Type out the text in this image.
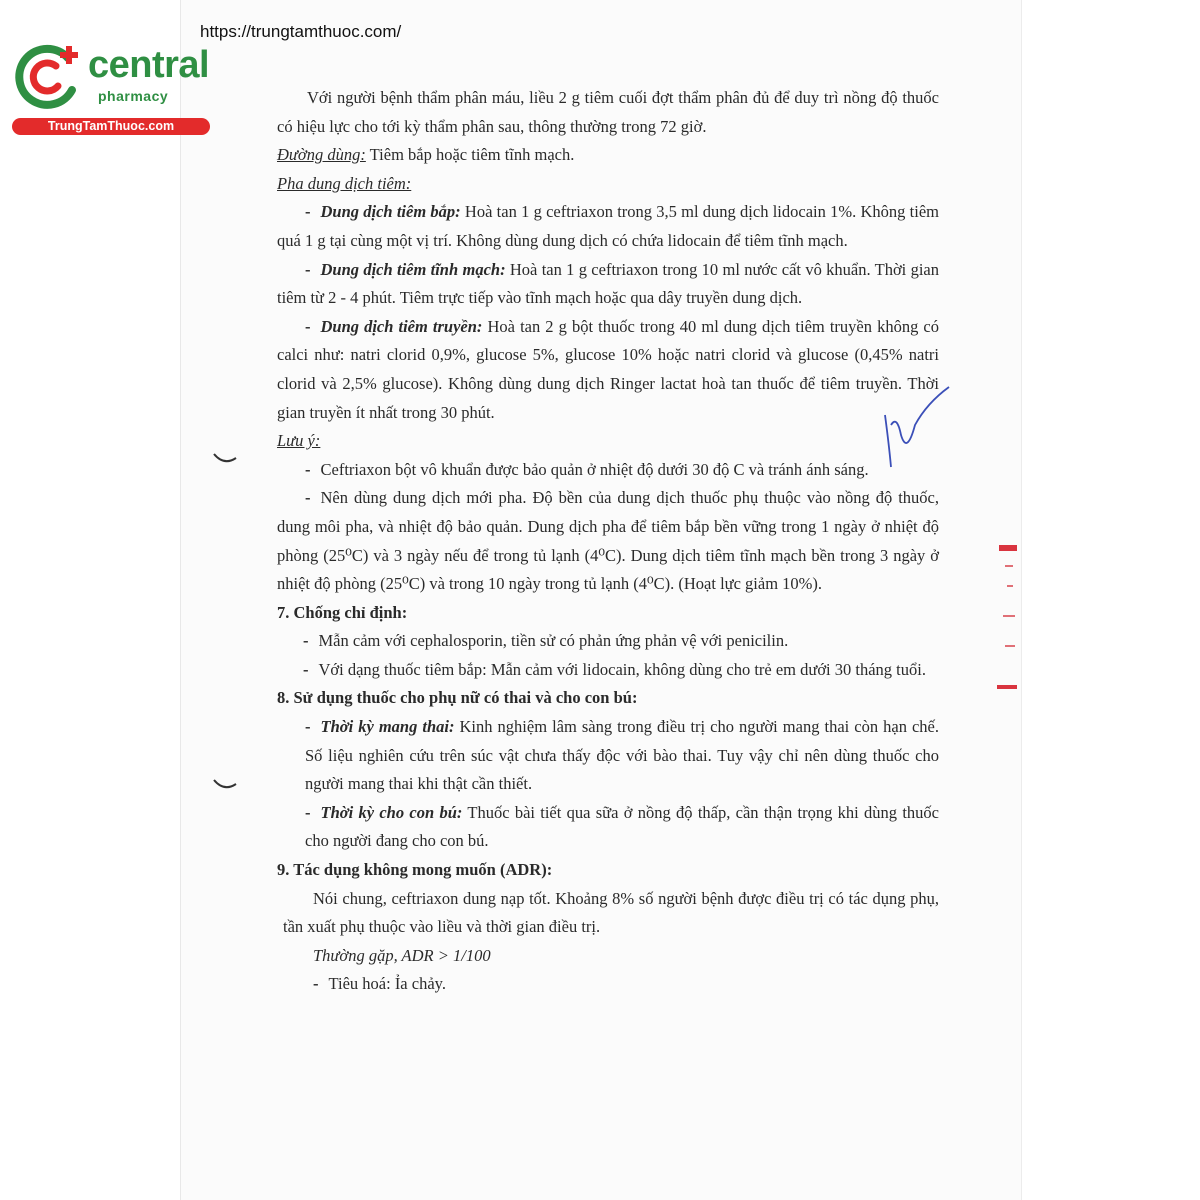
https://trungtamthuoc.com/
central
pharmacy
TrungTamThuoc.com

Với người bệnh thẩm phân máu, liều 2 g tiêm cuối đợt thẩm phân đủ để duy trì nồng độ thuốc có hiệu lực cho tới kỳ thẩm phân sau, thông thường trong 72 giờ.

Đường dùng: Tiêm bắp hoặc tiêm tĩnh mạch.

Pha dung dịch tiêm:

- Dung dịch tiêm bắp: Hoà tan 1 g ceftriaxon trong 3,5 ml dung dịch lidocain 1%. Không tiêm quá 1 g tại cùng một vị trí. Không dùng dung dịch có chứa lidocain để tiêm tĩnh mạch.

- Dung dịch tiêm tĩnh mạch: Hoà tan 1 g ceftriaxon trong 10 ml nước cất vô khuẩn. Thời gian tiêm từ 2 - 4 phút. Tiêm trực tiếp vào tĩnh mạch hoặc qua dây truyền dung dịch.

- Dung dịch tiêm truyền: Hoà tan 2 g bột thuốc trong 40 ml dung dịch tiêm truyền không có calci như: natri clorid 0,9%, glucose 5%, glucose 10% hoặc natri clorid và glucose (0,45% natri clorid và 2,5% glucose). Không dùng dung dịch Ringer lactat hoà tan thuốc để tiêm truyền. Thời gian truyền ít nhất trong 30 phút.

Lưu ý:

- Ceftriaxon bột vô khuẩn được bảo quản ở nhiệt độ dưới 30 độ C và tránh ánh sáng.

- Nên dùng dung dịch mới pha. Độ bền của dung dịch thuốc phụ thuộc vào nồng độ thuốc, dung môi pha, và nhiệt độ bảo quản. Dung dịch pha để tiêm bắp bền vững trong 1 ngày ở nhiệt độ phòng (25⁰C) và 3 ngày nếu để trong tủ lạnh (4⁰C). Dung dịch tiêm tĩnh mạch bền trong 3 ngày ở nhiệt độ phòng (25⁰C) và trong 10 ngày trong tủ lạnh (4⁰C). (Hoạt lực giảm 10%).

7. Chống chỉ định:

- Mẫn cảm với cephalosporin, tiền sử có phản ứng phản vệ với penicilin.

- Với dạng thuốc tiêm bắp: Mẫn cảm với lidocain, không dùng cho trẻ em dưới 30 tháng tuổi.

8. Sử dụng thuốc cho phụ nữ có thai và cho con bú:

- Thời kỳ mang thai: Kinh nghiệm lâm sàng trong điều trị cho người mang thai còn hạn chế. Số liệu nghiên cứu trên súc vật chưa thấy độc với bào thai. Tuy vậy chỉ nên dùng thuốc cho người mang thai khi thật cần thiết.

- Thời kỳ cho con bú: Thuốc bài tiết qua sữa ở nồng độ thấp, cần thận trọng khi dùng thuốc cho người đang cho con bú.

9. Tác dụng không mong muốn (ADR):

Nói chung, ceftriaxon dung nạp tốt. Khoảng 8% số người bệnh được điều trị có tác dụng phụ, tần xuất phụ thuộc vào liều và thời gian điều trị.

Thường gặp, ADR > 1/100

- Tiêu hoá: Ỉa chảy.
